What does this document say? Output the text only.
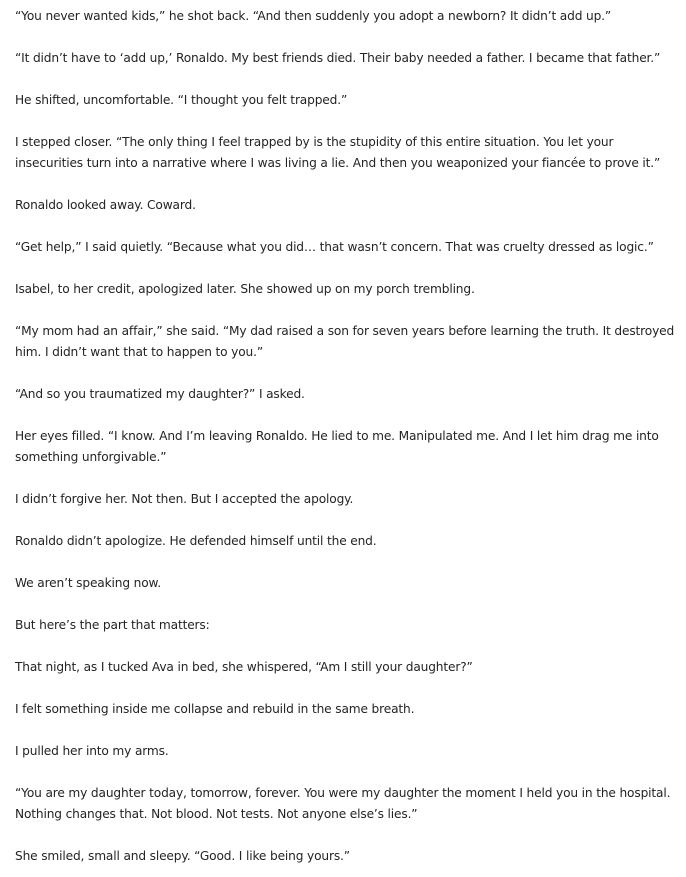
“You never wanted kids,” he shot back. “And then suddenly you adopt a newborn? It didn’t add up.”

“It didn’t have to ‘add up,’ Ronaldo. My best friends died. Their baby needed a father. I became that father.”

He shifted, uncomfortable. “I thought you felt trapped.”

I stepped closer. “The only thing I feel trapped by is the stupidity of this entire situation. You let your insecurities turn into a narrative where I was living a lie. And then you weaponized your fiancée to prove it.”

Ronaldo looked away. Coward.

“Get help,” I said quietly. “Because what you did… that wasn’t concern. That was cruelty dressed as logic.”

Isabel, to her credit, apologized later. She showed up on my porch trembling.

“My mom had an affair,” she said. “My dad raised a son for seven years before learning the truth. It destroyed him. I didn’t want that to happen to you.”

“And so you traumatized my daughter?” I asked.

Her eyes filled. “I know. And I’m leaving Ronaldo. He lied to me. Manipulated me. And I let him drag me into something unforgivable.”

I didn’t forgive her. Not then. But I accepted the apology.

Ronaldo didn’t apologize. He defended himself until the end.

We aren’t speaking now.

But here’s the part that matters:

That night, as I tucked Ava in bed, she whispered, “Am I still your daughter?”

I felt something inside me collapse and rebuild in the same breath.

I pulled her into my arms.

“You are my daughter today, tomorrow, forever. You were my daughter the moment I held you in the hospital. Nothing changes that. Not blood. Not tests. Not anyone else’s lies.”

She smiled, small and sleepy. “Good. I like being yours.”
